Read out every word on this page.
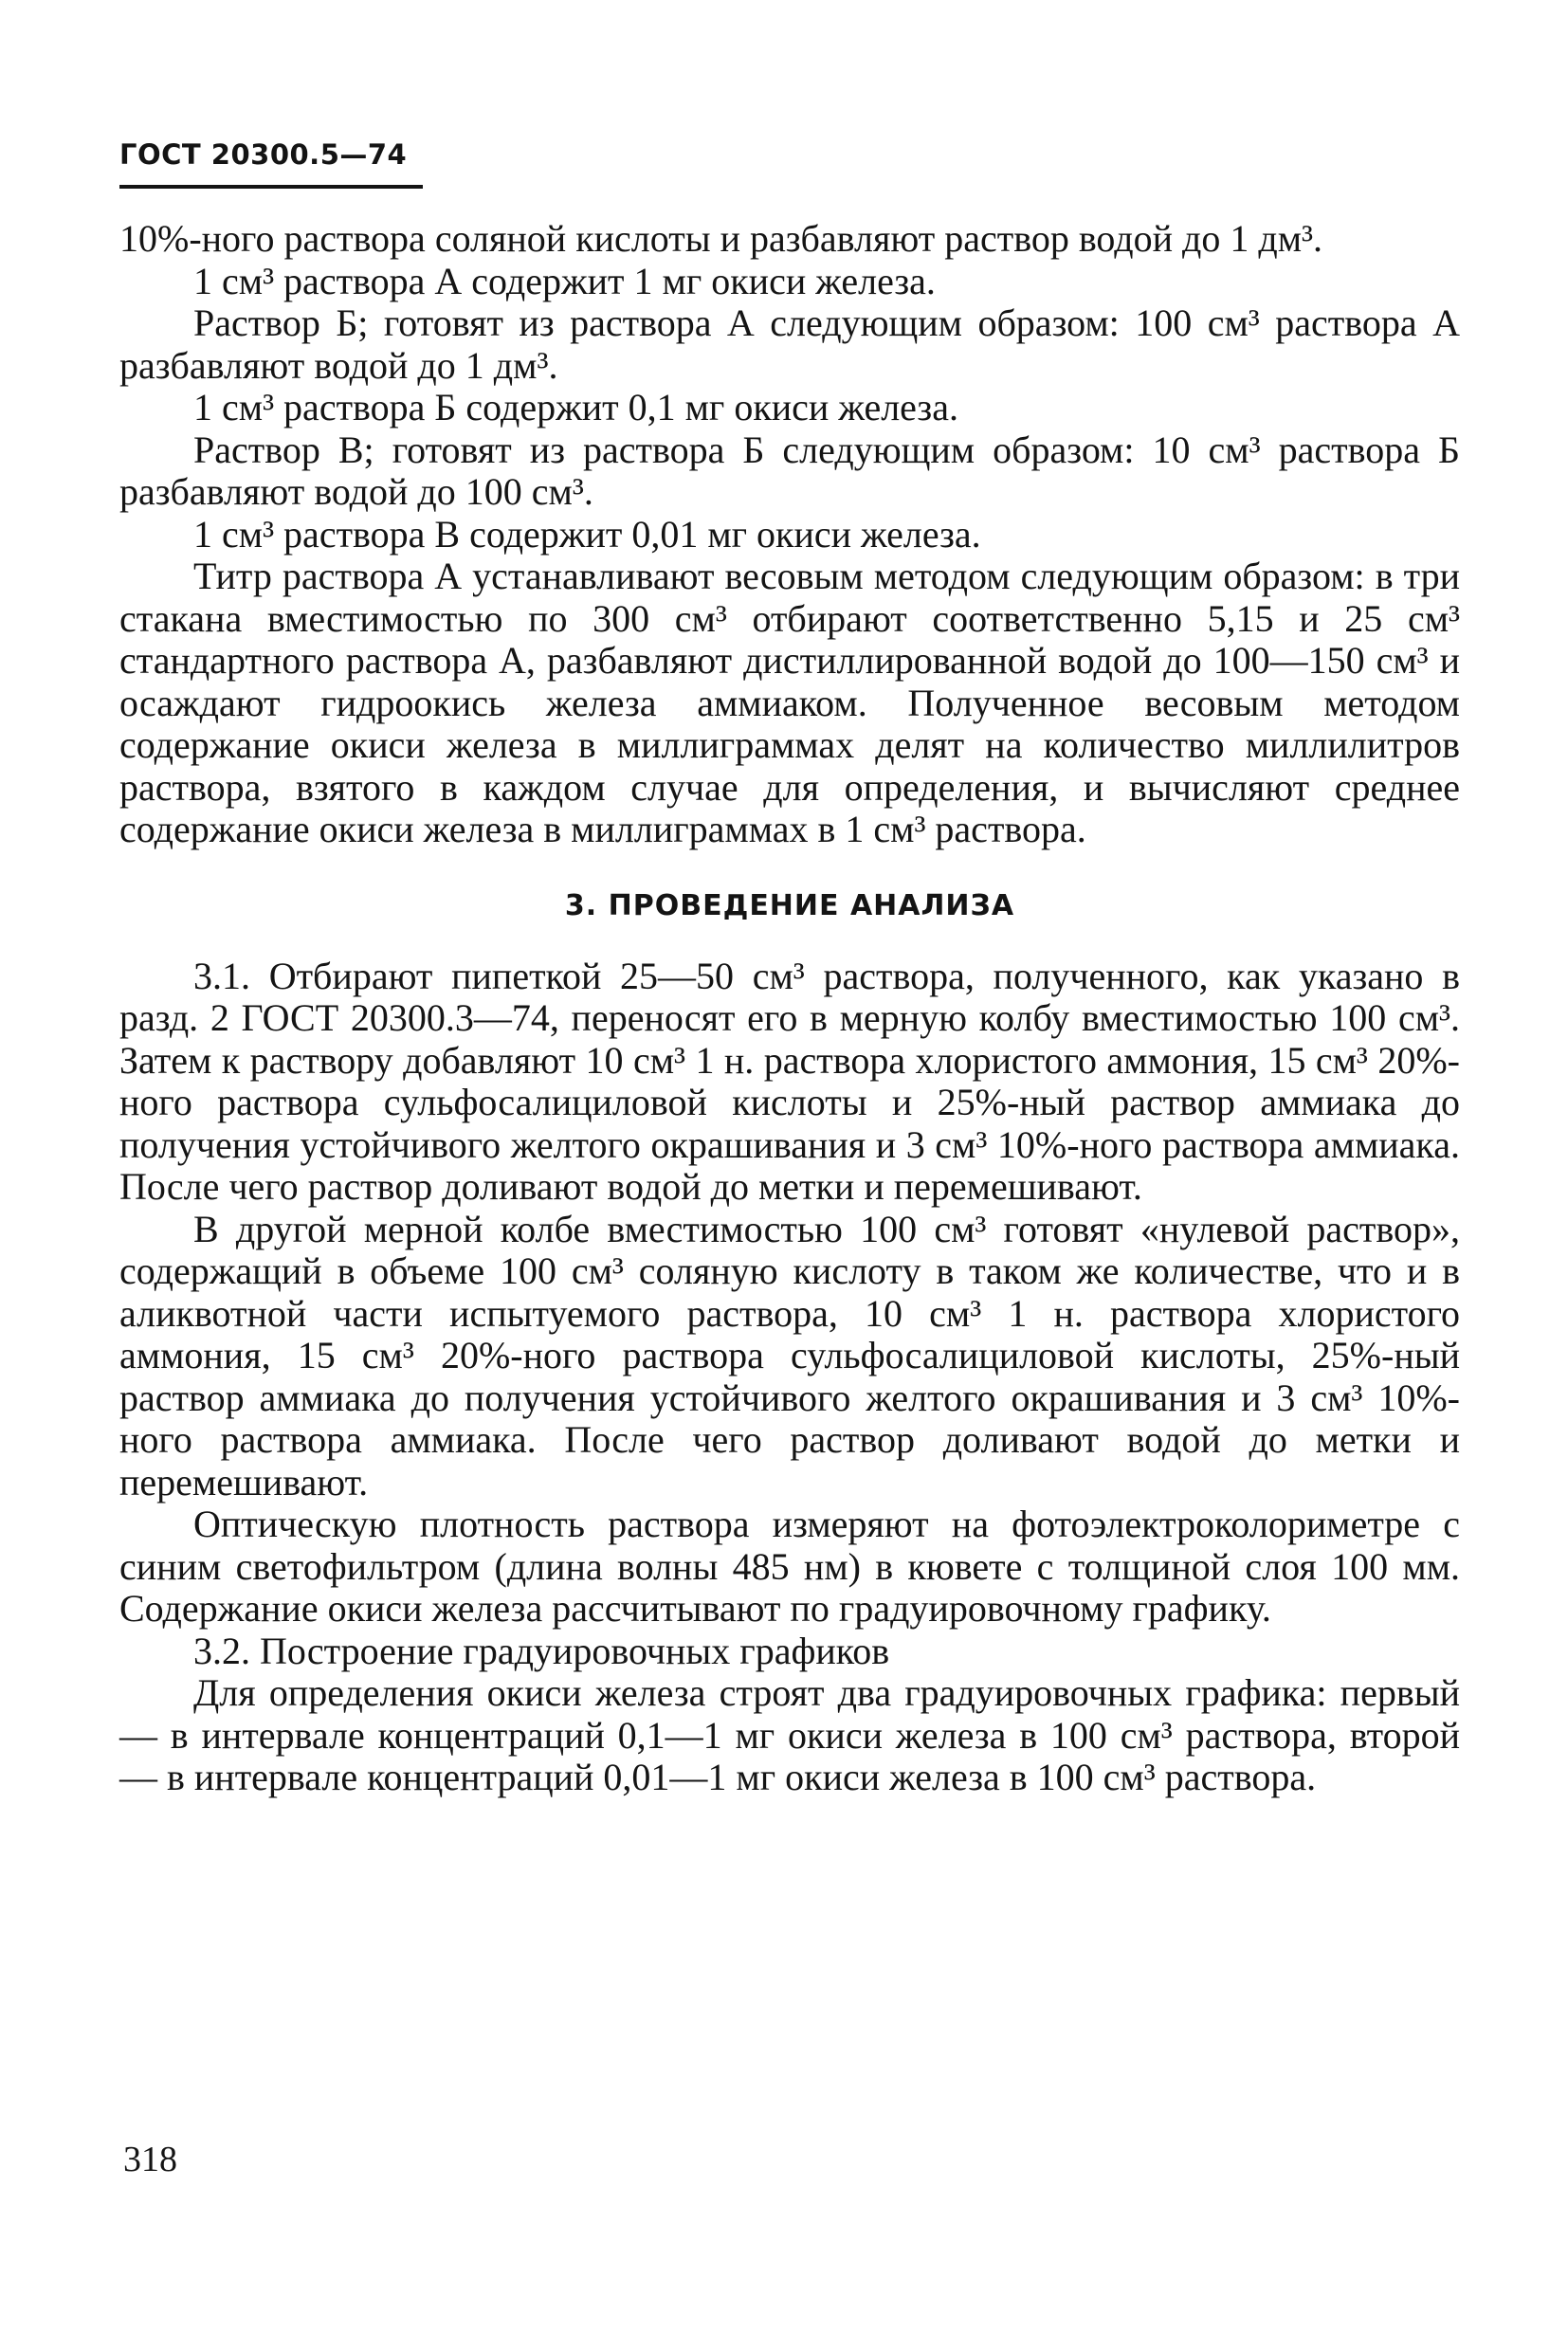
ГОСТ 20300.5—74

10%-ного раствора соляной кислоты и разбавляют раствор водой до 1 дм³.

1 см³ раствора А содержит 1 мг окиси железа.

Раствор Б; готовят из раствора А следующим образом: 100 см³ раствора А разбавляют водой до 1 дм³.

1 см³ раствора Б содержит 0,1 мг окиси железа.

Раствор В; готовят из раствора Б следующим образом: 10 см³ раствора Б разбавляют водой до 100 см³.

1 см³ раствора В содержит 0,01 мг окиси железа.

Титр раствора А устанавливают весовым методом следующим образом: в три стакана вместимостью по 300 см³ отбирают соответственно 5,15 и 25 см³ стандартного раствора А, разбавляют дистиллированной водой до 100—150 см³ и осаждают гидроокись железа аммиаком. Полученное весовым методом содержание окиси железа в миллиграммах делят на количество миллилитров раствора, взятого в каждом случае для определения, и вычисляют среднее содержание окиси железа в миллиграммах в 1 см³ раствора.

3. ПРОВЕДЕНИЕ АНАЛИЗА

3.1. Отбирают пипеткой 25—50 см³ раствора, полученного, как указано в разд. 2 ГОСТ 20300.3—74, переносят его в мерную колбу вместимостью 100 см³. Затем к раствору добавляют 10 см³ 1 н. раствора хлористого аммония, 15 см³ 20%-ного раствора сульфосалициловой кислоты и 25%-ный раствор аммиака до получения устойчивого желтого окрашивания и 3 см³ 10%-ного раствора аммиака. После чего раствор доливают водой до метки и перемешивают.

В другой мерной колбе вместимостью 100 см³ готовят «нулевой раствор», содержащий в объеме 100 см³ соляную кислоту в таком же количестве, что и в аликвотной части испытуемого раствора, 10 см³ 1 н. раствора хлористого аммония, 15 см³ 20%-ного раствора сульфосалициловой кислоты, 25%-ный раствор аммиака до получения устойчивого желтого окрашивания и 3 см³ 10%-ного раствора аммиака. После чего раствор доливают водой до метки и перемешивают.

Оптическую плотность раствора измеряют на фотоэлектроколориметре с синим светофильтром (длина волны 485 нм) в кювете с толщиной слоя 100 мм. Содержание окиси железа рассчитывают по градуировочному графику.

3.2. Построение градуировочных графиков

Для определения окиси железа строят два градуировочных графика: первый — в интервале концентраций 0,1—1 мг окиси железа в 100 см³ раствора, второй — в интервале концентраций 0,01—1 мг окиси железа в 100 см³ раствора.

318
